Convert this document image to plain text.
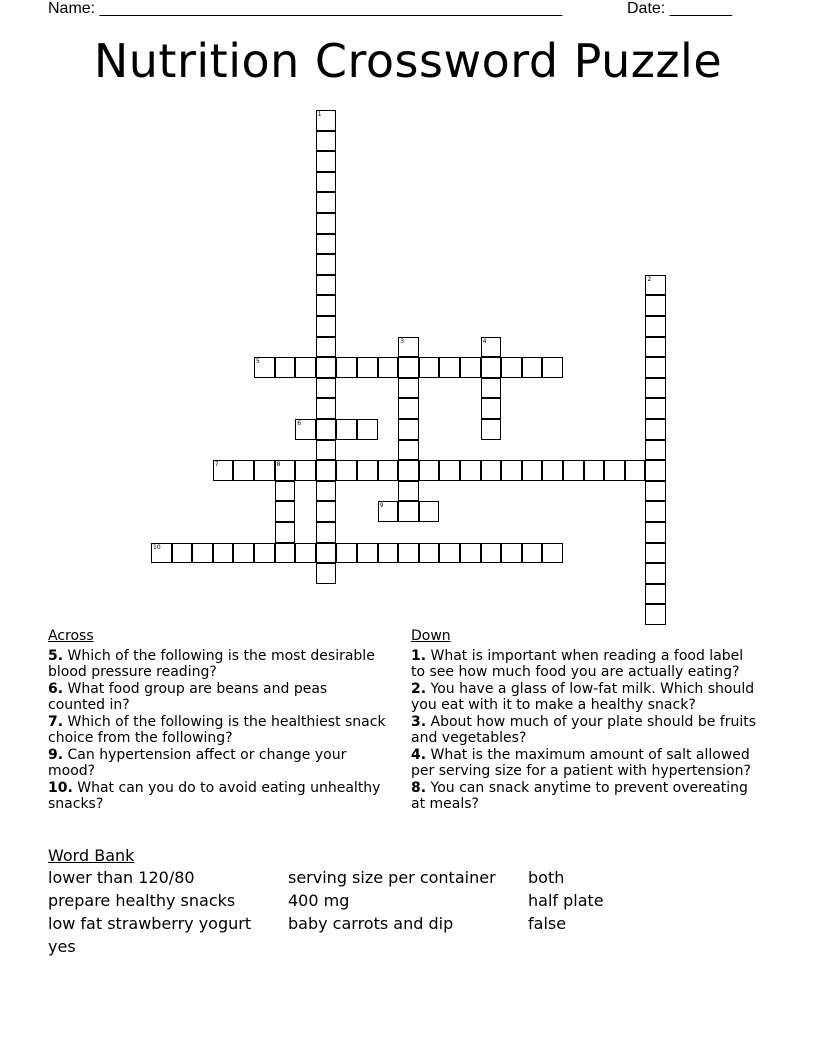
Name: ____________________________________________________	Date: _______
Nutrition Crossword Puzzle
1
2
3	4
5
6
7	8
9
10
Across
5. Which of the following is the most desirable blood pressure reading?
6. What food group are beans and peas counted in?
7. Which of the following is the healthiest snack choice from the following?
9. Can hypertension affect or change your mood?
10. What can you do to avoid eating unhealthy snacks?
Down
1. What is important when reading a food label to see how much food you are actually eating?
2. You have a glass of low-fat milk. Which should you eat with it to make a healthy snack?
3. About how much of your plate should be fruits and vegetables?
4. What is the maximum amount of salt allowed per serving size for a patient with hypertension?
8. You can snack anytime to prevent overeating at meals?
Word Bank
lower than 120/80	serving size per container	both
prepare healthy snacks	400 mg	half plate
low fat strawberry yogurt	baby carrots and dip	false
yes
